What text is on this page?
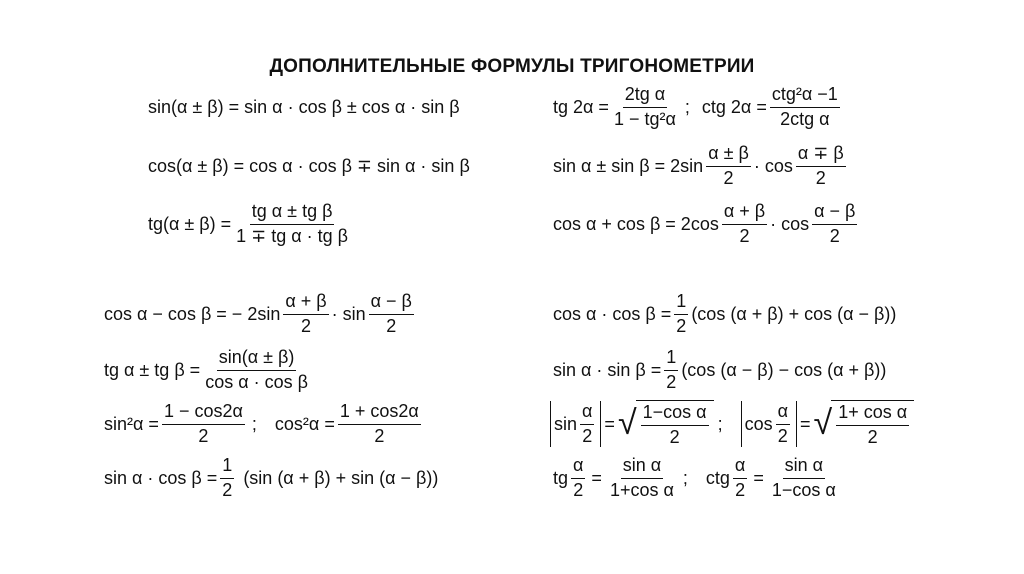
ДОПОЛНИТЕЛЬНЫЕ ФОРМУЛЫ ТРИГОНОМЕТРИИ
sin(α ± β) = sin α · cos β ± cos α · sin β	tg $2\alpha = \frac{\text{2tg α}}{\text{1 − tg²α}}$ ; ctg $2\alpha = \frac{\text{ctg²α −1}}{\text{2ctg α}}$
cos(α ± β) = cos α · cos β ∓ sin α · sin β	$\sin \alpha \pm \sin \beta = 2\sin \frac{\alpha \pm \beta}{2} \cdot \cos \frac{\alpha \mp \beta}{2}$
$tg(\alpha \pm \beta) = \frac{\text{tg α ± tg β}}{\text{1 ∓ tg α · tg β}}$	$\cos \alpha + \cos \beta = 2\cos \frac{\alpha + \beta}{2} \cdot \cos \frac{\alpha - \beta}{2}$
cos α − cos β = − $2\sin \frac{\alpha + \beta}{2} \cdot \sin \frac{\alpha - \beta}{2}$	$\cos \alpha \cdot \cos \beta = \frac{1}{2} (\cos$ (α + β) + cos (α − β))
tg α ± tg $\beta = \frac{\sin(\alpha \pm \beta)}{\text{cos α · cos β}}$	$\sin \alpha \cdot \sin \beta = \frac{1}{2} (\cos$ (α − β) − cos (α + β))
$\sin^2\alpha = \frac{1 - \cos 2\alpha}{2}$ ; $\cos^2\alpha = \frac{1 + \cos 2\alpha}{2}$	$\sin \frac{\alpha}{2}$ = √ $\frac{\text{1−cos α}}{2}$ ; $\cos \frac{\alpha}{2}$ = √ $\frac{\text{1+ cos α}}{2}$
$\sin \alpha \cdot \cos \beta = \frac{1}{2} (\sin$ (α + β) + sin (α − β))	tg $\frac{\alpha}{2} = \frac{\text{sin α}}{\text{1+cos α}}$ ; ctg $\frac{\alpha}{2} = \frac{\text{sin α}}{\text{1−cos α}}$
